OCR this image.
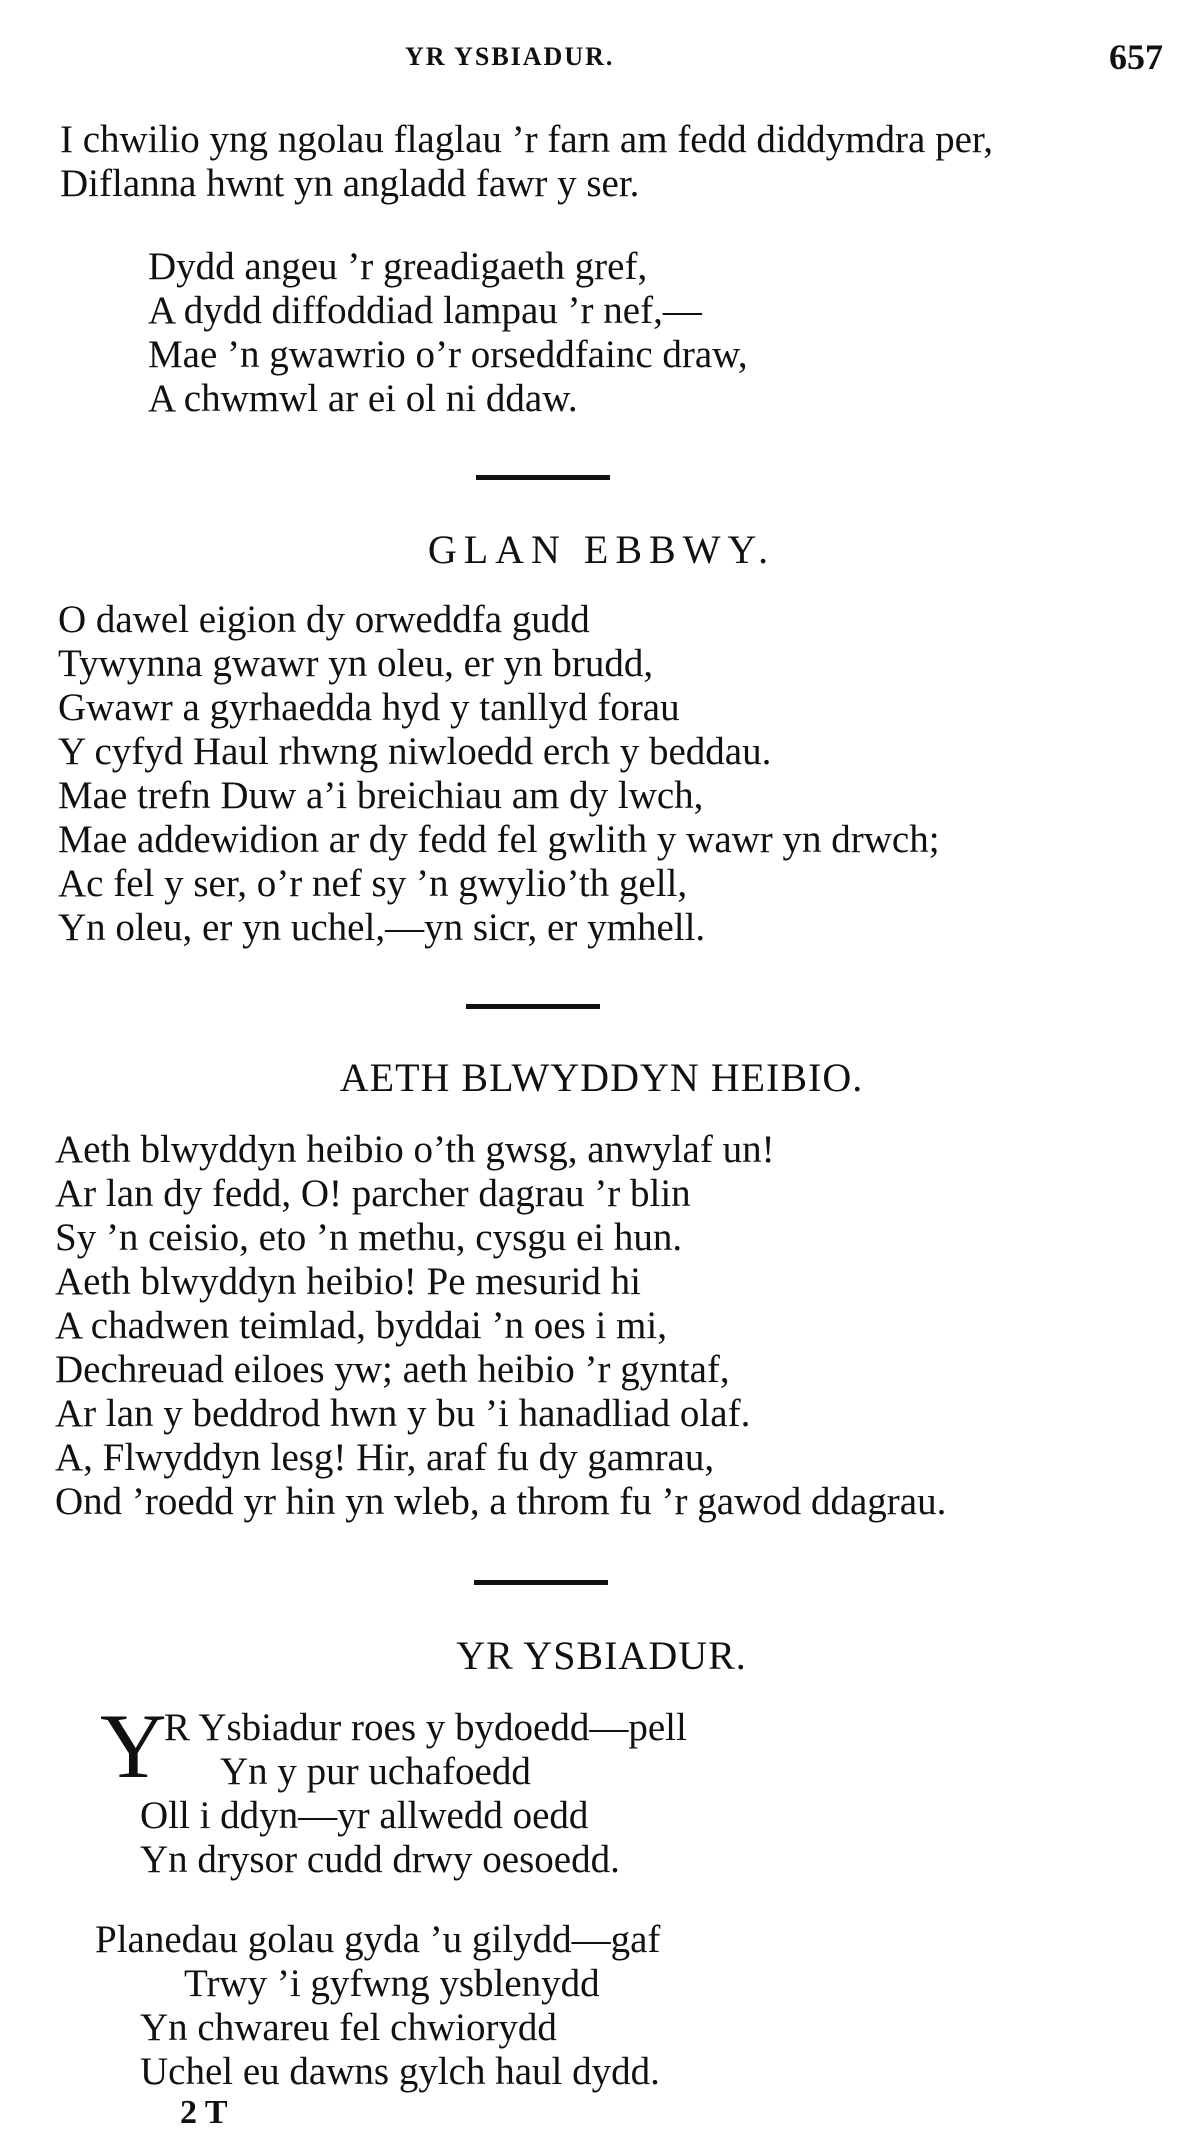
YR YSBIADUR.	657
I chwilio yng ngolau flaglau ’r farn am fedd diddymdra per,
Diflanna hwnt yn angladd fawr y ser.
Dydd angeu ’r greadigaeth gref,
A dydd diffoddiad lampau ’r nef,—
Mae ’n gwawrio o’r orseddfainc draw,
A chwmwl ar ei ol ni ddaw.
GLAN EBBWY.
O dawel eigion dy orweddfa gudd
Tywynna gwawr yn oleu, er yn brudd,
Gwawr a gyrhaedda hyd y tanllyd forau
Y cyfyd Haul rhwng niwloedd erch y beddau.
Mae trefn Duw a’i breichiau am dy lwch,
Mae addewidion ar dy fedd fel gwlith y wawr yn drwch;
Ac fel y ser, o’r nef sy ’n gwylio’th gell,
Yn oleu, er yn uchel,—yn sicr, er ymhell.
AETH BLWYDDYN HEIBIO.
Aeth blwyddyn heibio o’th gwsg, anwylaf un!
Ar lan dy fedd, O! parcher dagrau ’r blin
Sy ’n ceisio, eto ’n methu, cysgu ei hun.
Aeth blwyddyn heibio! Pe mesurid hi
A chadwen teimlad, byddai ’n oes i mi,
Dechreuad eiloes yw; aeth heibio ’r gyntaf,
Ar lan y beddrod hwn y bu ’i hanadliad olaf.
A, Flwyddyn lesg! Hir, araf fu dy gamrau,
Ond ’roedd yr hin yn wleb, a throm fu ’r gawod ddagrau.
YR YSBIADUR.
Y
R Ysbiadur roes y bydoedd—pell
Yn y pur uchafoedd
Oll i ddyn—yr allwedd oedd
Yn drysor cudd drwy oesoedd.
Planedau golau gyda ’u gilydd—gaf
Trwy ’i gyfwng ysblenydd
Yn chwareu fel chwiorydd
Uchel eu dawns gylch haul dydd.
2 T
